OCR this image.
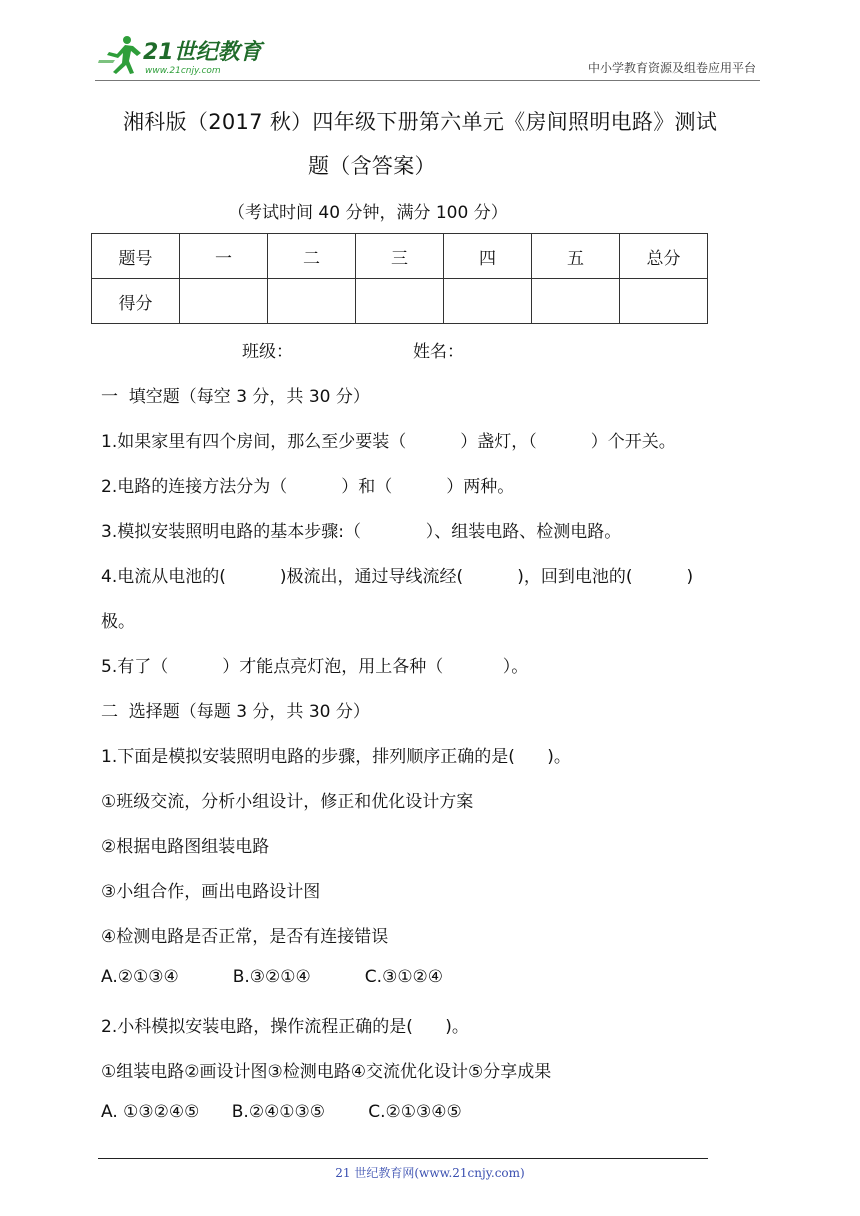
21世纪教育
www.21cnjy.com	中小学教育资源及组卷应用平台
湘科版（2017 秋）四年级下册第六单元《房间照明电路》测试
题（含答案）
（考试时间 40 分钟，满分 100 分）
题号	一	二	三	四	五	总分
得分						
班级：	姓名：
一  填空题（每空 3 分，共 30 分）
1.如果家里有四个房间，那么至少要装（          ）盏灯，（          ）个开关。
2.电路的连接方法分为（          ）和（          ）两种。
3.模拟安装照明电路的基本步骤:（            ）、组装电路、检测电路。
4.电流从电池的(          )极流出，通过导线流经(          )，回到电池的(          )
极。
5.有了（          ）才能点亮灯泡，用上各种（           ）。
二  选择题（每题 3 分，共 30 分）
1.下面是模拟安装照明电路的步骤，排列顺序正确的是(      )。
①班级交流，分析小组设计，修正和优化设计方案
②根据电路图组装电路
③小组合作，画出电路设计图
④检测电路是否正常，是否有连接错误
A.②①③④          B.③②①④          C.③①②④
2.小科模拟安装电路，操作流程正确的是(      )。
①组装电路②画设计图③检测电路④交流优化设计⑤分享成果
A. ①③②④⑤      B.②④①③⑤        C.②①③④⑤
21 世纪教育网(www.21cnjy.com)
